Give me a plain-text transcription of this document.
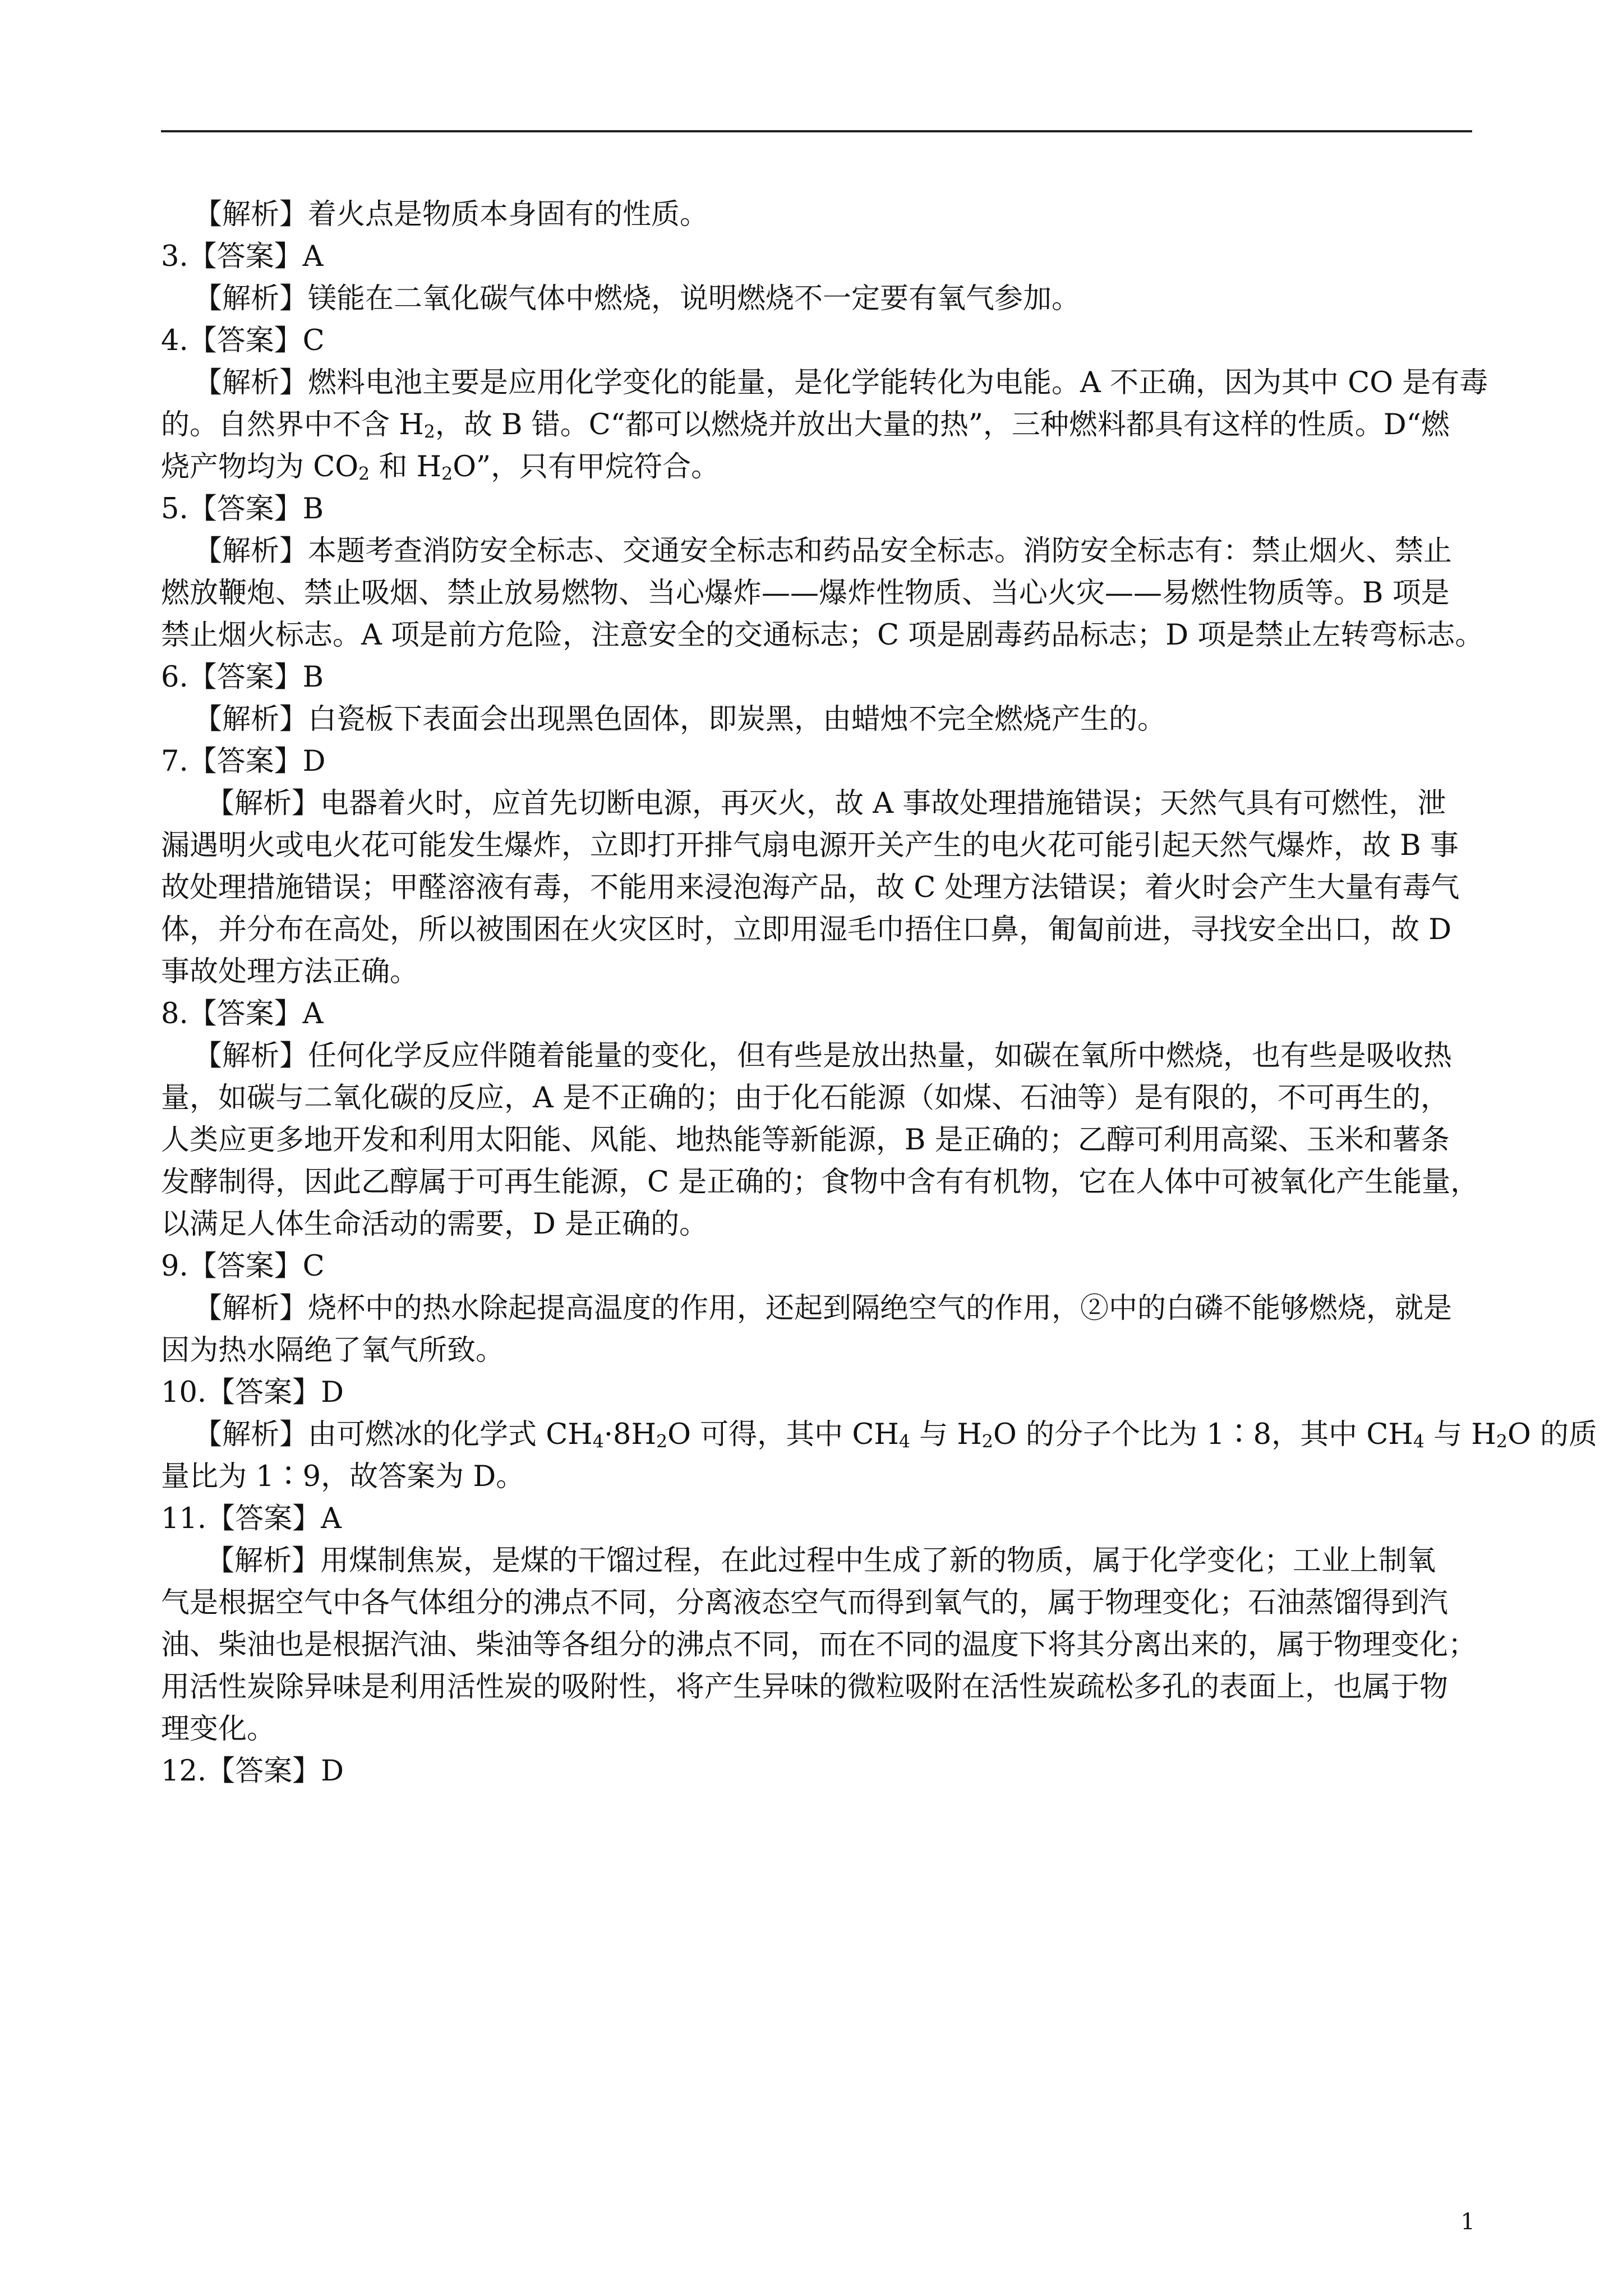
【解析】着火点是物质本身固有的性质。
3.【答案】A
【解析】镁能在二氧化碳气体中燃烧，说明燃烧不一定要有氧气参加。
4.【答案】C
【解析】燃料电池主要是应用化学变化的能量，是化学能转化为电能。A 不正确，因为其中 CO 是有毒
的。自然界中不含 $H_2$，故 B 错。C“都可以燃烧并放出大量的热”，三种燃料都具有这样的性质。D“燃
烧产物均为 $CO_2$ 和 $H_2O$”，只有甲烷符合。
5.【答案】B
【解析】本题考查消防安全标志、交通安全标志和药品安全标志。消防安全标志有：禁止烟火、禁止
燃放鞭炮、禁止吸烟、禁止放易燃物、当心爆炸——爆炸性物质、当心火灾——易燃性物质等。B 项是
禁止烟火标志。A 项是前方危险，注意安全的交通标志；C 项是剧毒药品标志；D 项是禁止左转弯标志。
6.【答案】B
【解析】白瓷板下表面会出现黑色固体，即炭黑，由蜡烛不完全燃烧产生的。
7.【答案】D
【解析】电器着火时，应首先切断电源，再灭火，故 A 事故处理措施错误；天然气具有可燃性，泄
漏遇明火或电火花可能发生爆炸，立即打开排气扇电源开关产生的电火花可能引起天然气爆炸，故 B 事
故处理措施错误；甲醛溶液有毒，不能用来浸泡海产品，故 C 处理方法错误；着火时会产生大量有毒气
体，并分布在高处，所以被围困在火灾区时，立即用湿毛巾捂住口鼻，匍匐前进，寻找安全出口，故 D
事故处理方法正确。
8.【答案】A
【解析】任何化学反应伴随着能量的变化，但有些是放出热量，如碳在氧所中燃烧，也有些是吸收热
量，如碳与二氧化碳的反应，A 是不正确的；由于化石能源（如煤、石油等）是有限的，不可再生的，
人类应更多地开发和利用太阳能、风能、地热能等新能源，B 是正确的；乙醇可利用高粱、玉米和薯条
发酵制得，因此乙醇属于可再生能源，C 是正确的；食物中含有有机物，它在人体中可被氧化产生能量，
以满足人体生命活动的需要，D 是正确的。
9.【答案】C
【解析】烧杯中的热水除起提高温度的作用，还起到隔绝空气的作用，②中的白磷不能够燃烧，就是
因为热水隔绝了氧气所致。
10.【答案】D
【解析】由可燃冰的化学式 $CH_4\cdot 8H_2O$ 可得，其中 $CH_4$ 与 $H_2O$ 的分子个比为 1∶8，其中 $CH_4$ 与 $H_2O$ 的质
量比为 1∶9，故答案为 D。
11.【答案】A
【解析】用煤制焦炭，是煤的干馏过程，在此过程中生成了新的物质，属于化学变化；工业上制氧
气是根据空气中各气体组分的沸点不同，分离液态空气而得到氧气的，属于物理变化；石油蒸馏得到汽
油、柴油也是根据汽油、柴油等各组分的沸点不同，而在不同的温度下将其分离出来的，属于物理变化；
用活性炭除异味是利用活性炭的吸附性，将产生异味的微粒吸附在活性炭疏松多孔的表面上，也属于物
理变化。
12.【答案】D
1
